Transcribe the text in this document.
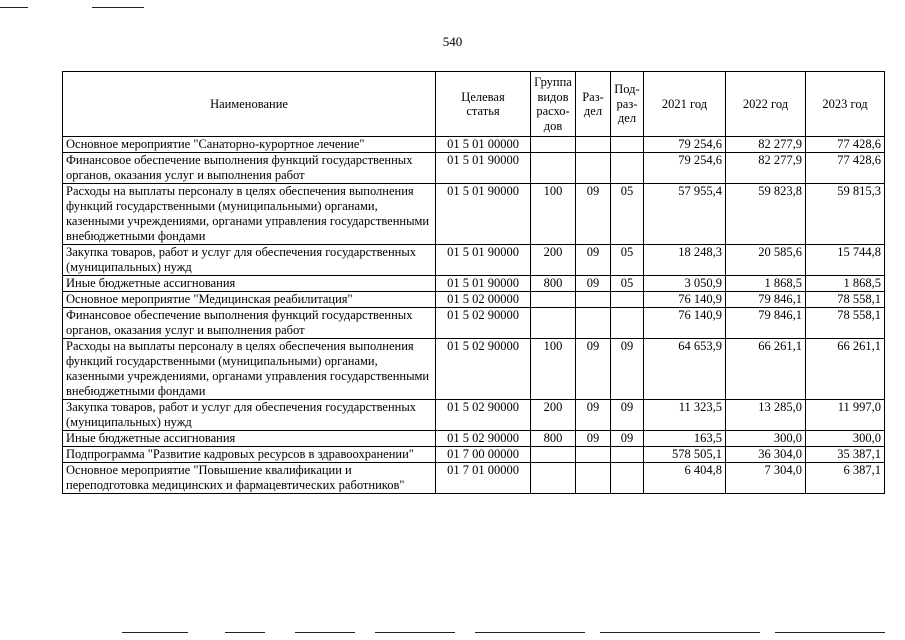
540
Наименование	Целевая статья	Группа видов расхо-дов	Раз-дел	Под-раз-дел	2021 год	2022 год	2023 год
Основное мероприятие "Санаторно-курортное лечение"	01 5 01 00000				79 254,6	82 277,9	77 428,6
Финансовое обеспечение выполнения функций государственных органов, оказания услуг и выполнения работ	01 5 01 90000				79 254,6	82 277,9	77 428,6
Расходы на выплаты персоналу в целях обеспечения выполнения функций государственными (муниципальными) органами, казенными учреждениями, органами управления государственными внебюджетными фондами	01 5 01 90000	100	09	05	57 955,4	59 823,8	59 815,3
Закупка товаров, работ и услуг для обеспечения государственных (муниципальных) нужд	01 5 01 90000	200	09	05	18 248,3	20 585,6	15 744,8
Иные бюджетные ассигнования	01 5 01 90000	800	09	05	3 050,9	1 868,5	1 868,5
Основное мероприятие "Медицинская реабилитация"	01 5 02 00000				76 140,9	79 846,1	78 558,1
Финансовое обеспечение выполнения функций государственных органов, оказания услуг и выполнения работ	01 5 02 90000				76 140,9	79 846,1	78 558,1
Расходы на выплаты персоналу в целях обеспечения выполнения функций государственными (муниципальными) органами, казенными учреждениями, органами управления государственными внебюджетными фондами	01 5 02 90000	100	09	09	64 653,9	66 261,1	66 261,1
Закупка товаров, работ и услуг для обеспечения государственных (муниципальных) нужд	01 5 02 90000	200	09	09	11 323,5	13 285,0	11 997,0
Иные бюджетные ассигнования	01 5 02 90000	800	09	09	163,5	300,0	300,0
Подпрограмма "Развитие кадровых ресурсов в здравоохранении"	01 7 00 00000				578 505,1	36 304,0	35 387,1
Основное мероприятие "Повышение квалификации и переподготовка медицинских и фармацевтических работников"	01 7 01 00000				6 404,8	7 304,0	6 387,1
